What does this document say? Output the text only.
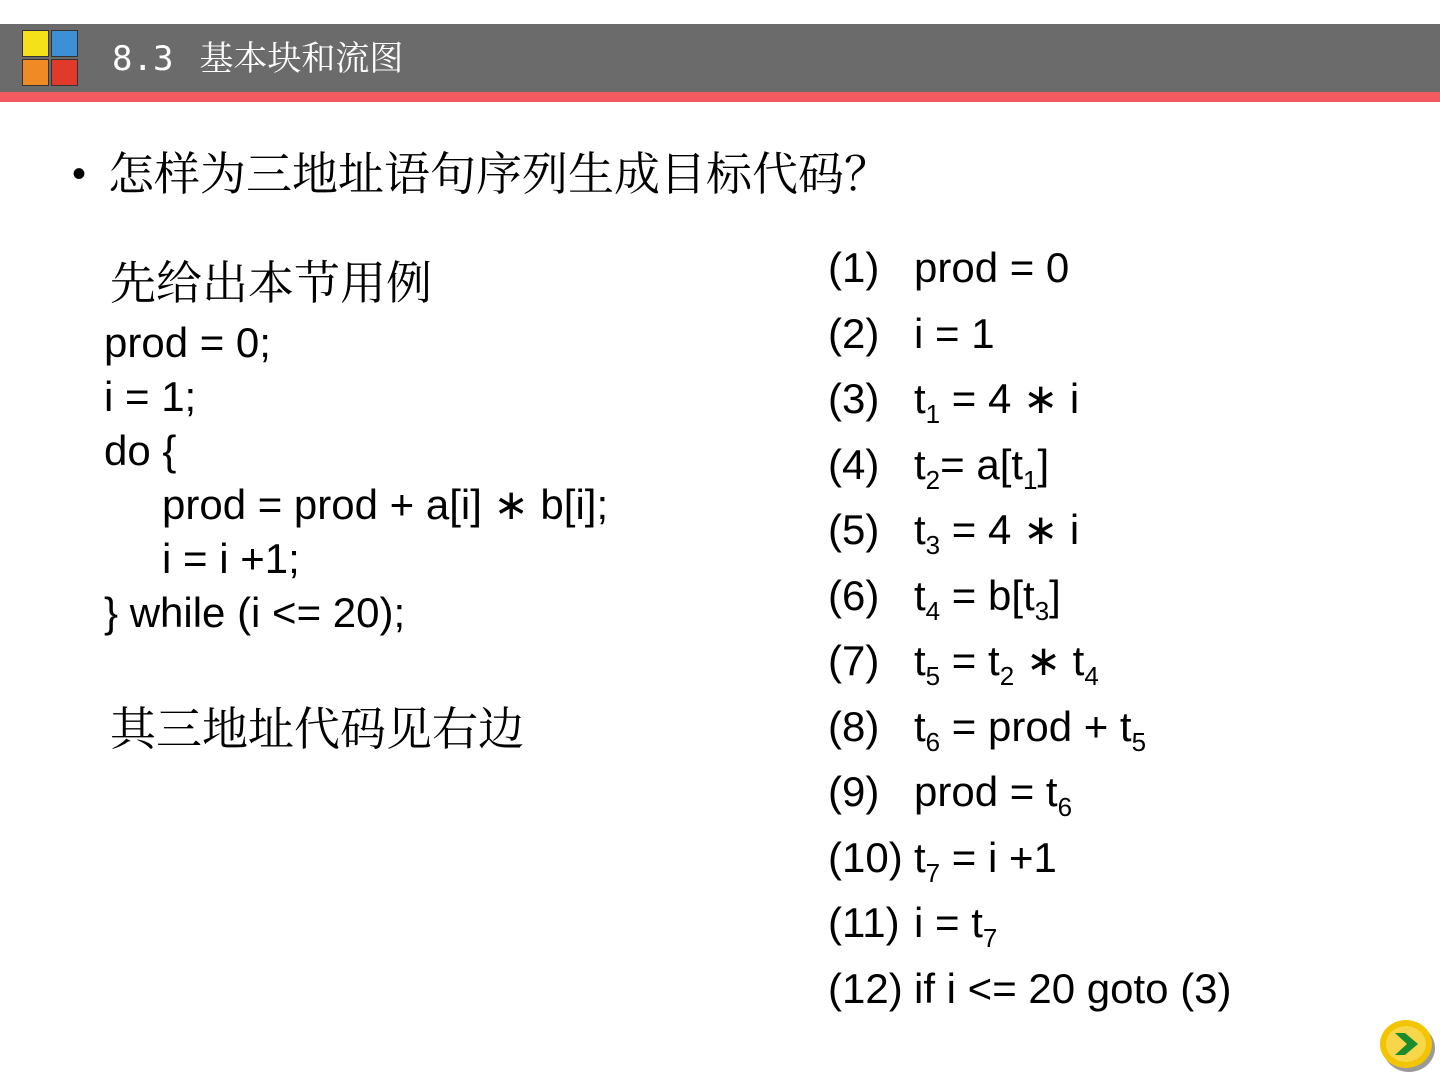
8.3 基本块和流图
• 怎样为三地址语句序列生成目标代码？
先给出本节用例
prod = 0;
i = 1;
do {
prod = prod + a[i] ∗ b[i];
i = i +1;
} while (i <= 20);
其三地址代码见右边
(1) prod = 0
(2) i = 1
(3) $t_1 = 4$ ∗ i
(4) $t_2= a[t_1]$
(5) $t_3 = 4$ ∗ i
(6) $t_4 = b[t_3]$
(7) $t_5 = t_2$ ∗ $t_4$
(8) $t_6$ = prod + $t_5$
(9) prod = $t_6$
(10) $t_7 = i +1$
(11) $i = t_7$
(12) if i <= 20 goto (3)
